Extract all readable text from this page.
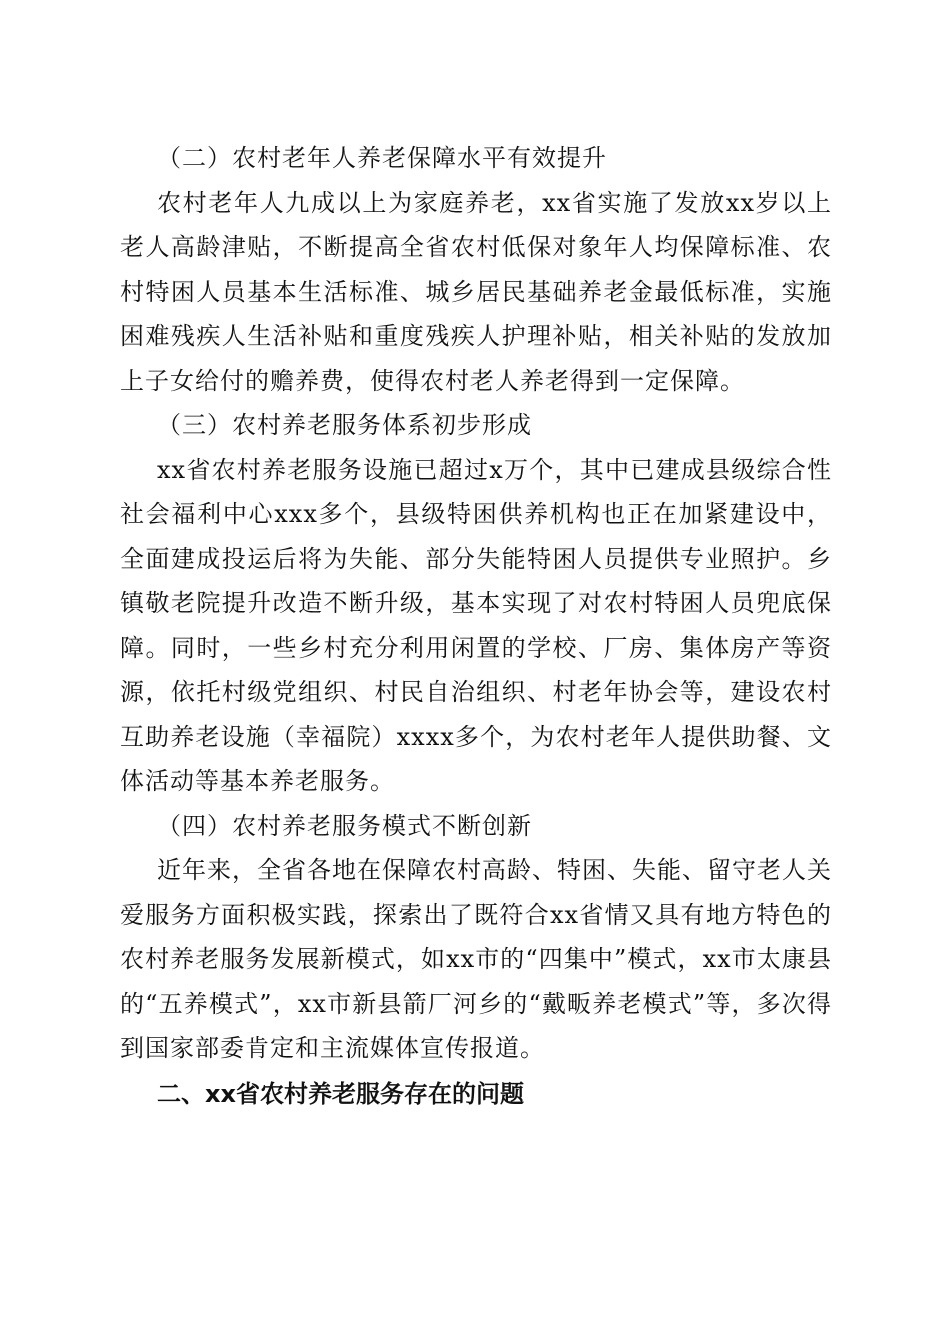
（二）农村老年人养老保障水平有效提升

农村老年人九成以上为家庭养老，xx省实施了发放xx岁以上老人高龄津贴，不断提高全省农村低保对象年人均保障标准、农村特困人员基本生活标准、城乡居民基础养老金最低标准，实施困难残疾人生活补贴和重度残疾人护理补贴，相关补贴的发放加上子女给付的赡养费，使得农村老人养老得到一定保障。

（三）农村养老服务体系初步形成

xx省农村养老服务设施已超过x万个，其中已建成县级综合性社会福利中心xxx多个，县级特困供养机构也正在加紧建设中，全面建成投运后将为失能、部分失能特困人员提供专业照护。乡镇敬老院提升改造不断升级，基本实现了对农村特困人员兜底保障。同时，一些乡村充分利用闲置的学校、厂房、集体房产等资源，依托村级党组织、村民自治组织、村老年协会等，建设农村互助养老设施（幸福院）xxxx多个，为农村老年人提供助餐、文体活动等基本养老服务。

（四）农村养老服务模式不断创新

近年来，全省各地在保障农村高龄、特困、失能、留守老人关爱服务方面积极实践，探索出了既符合xx省情又具有地方特色的农村养老服务发展新模式，如xx市的“四集中”模式，xx市太康县的“五养模式”，xx市新县箭厂河乡的“戴畈养老模式”等，多次得到国家部委肯定和主流媒体宣传报道。

二、xx省农村养老服务存在的问题
